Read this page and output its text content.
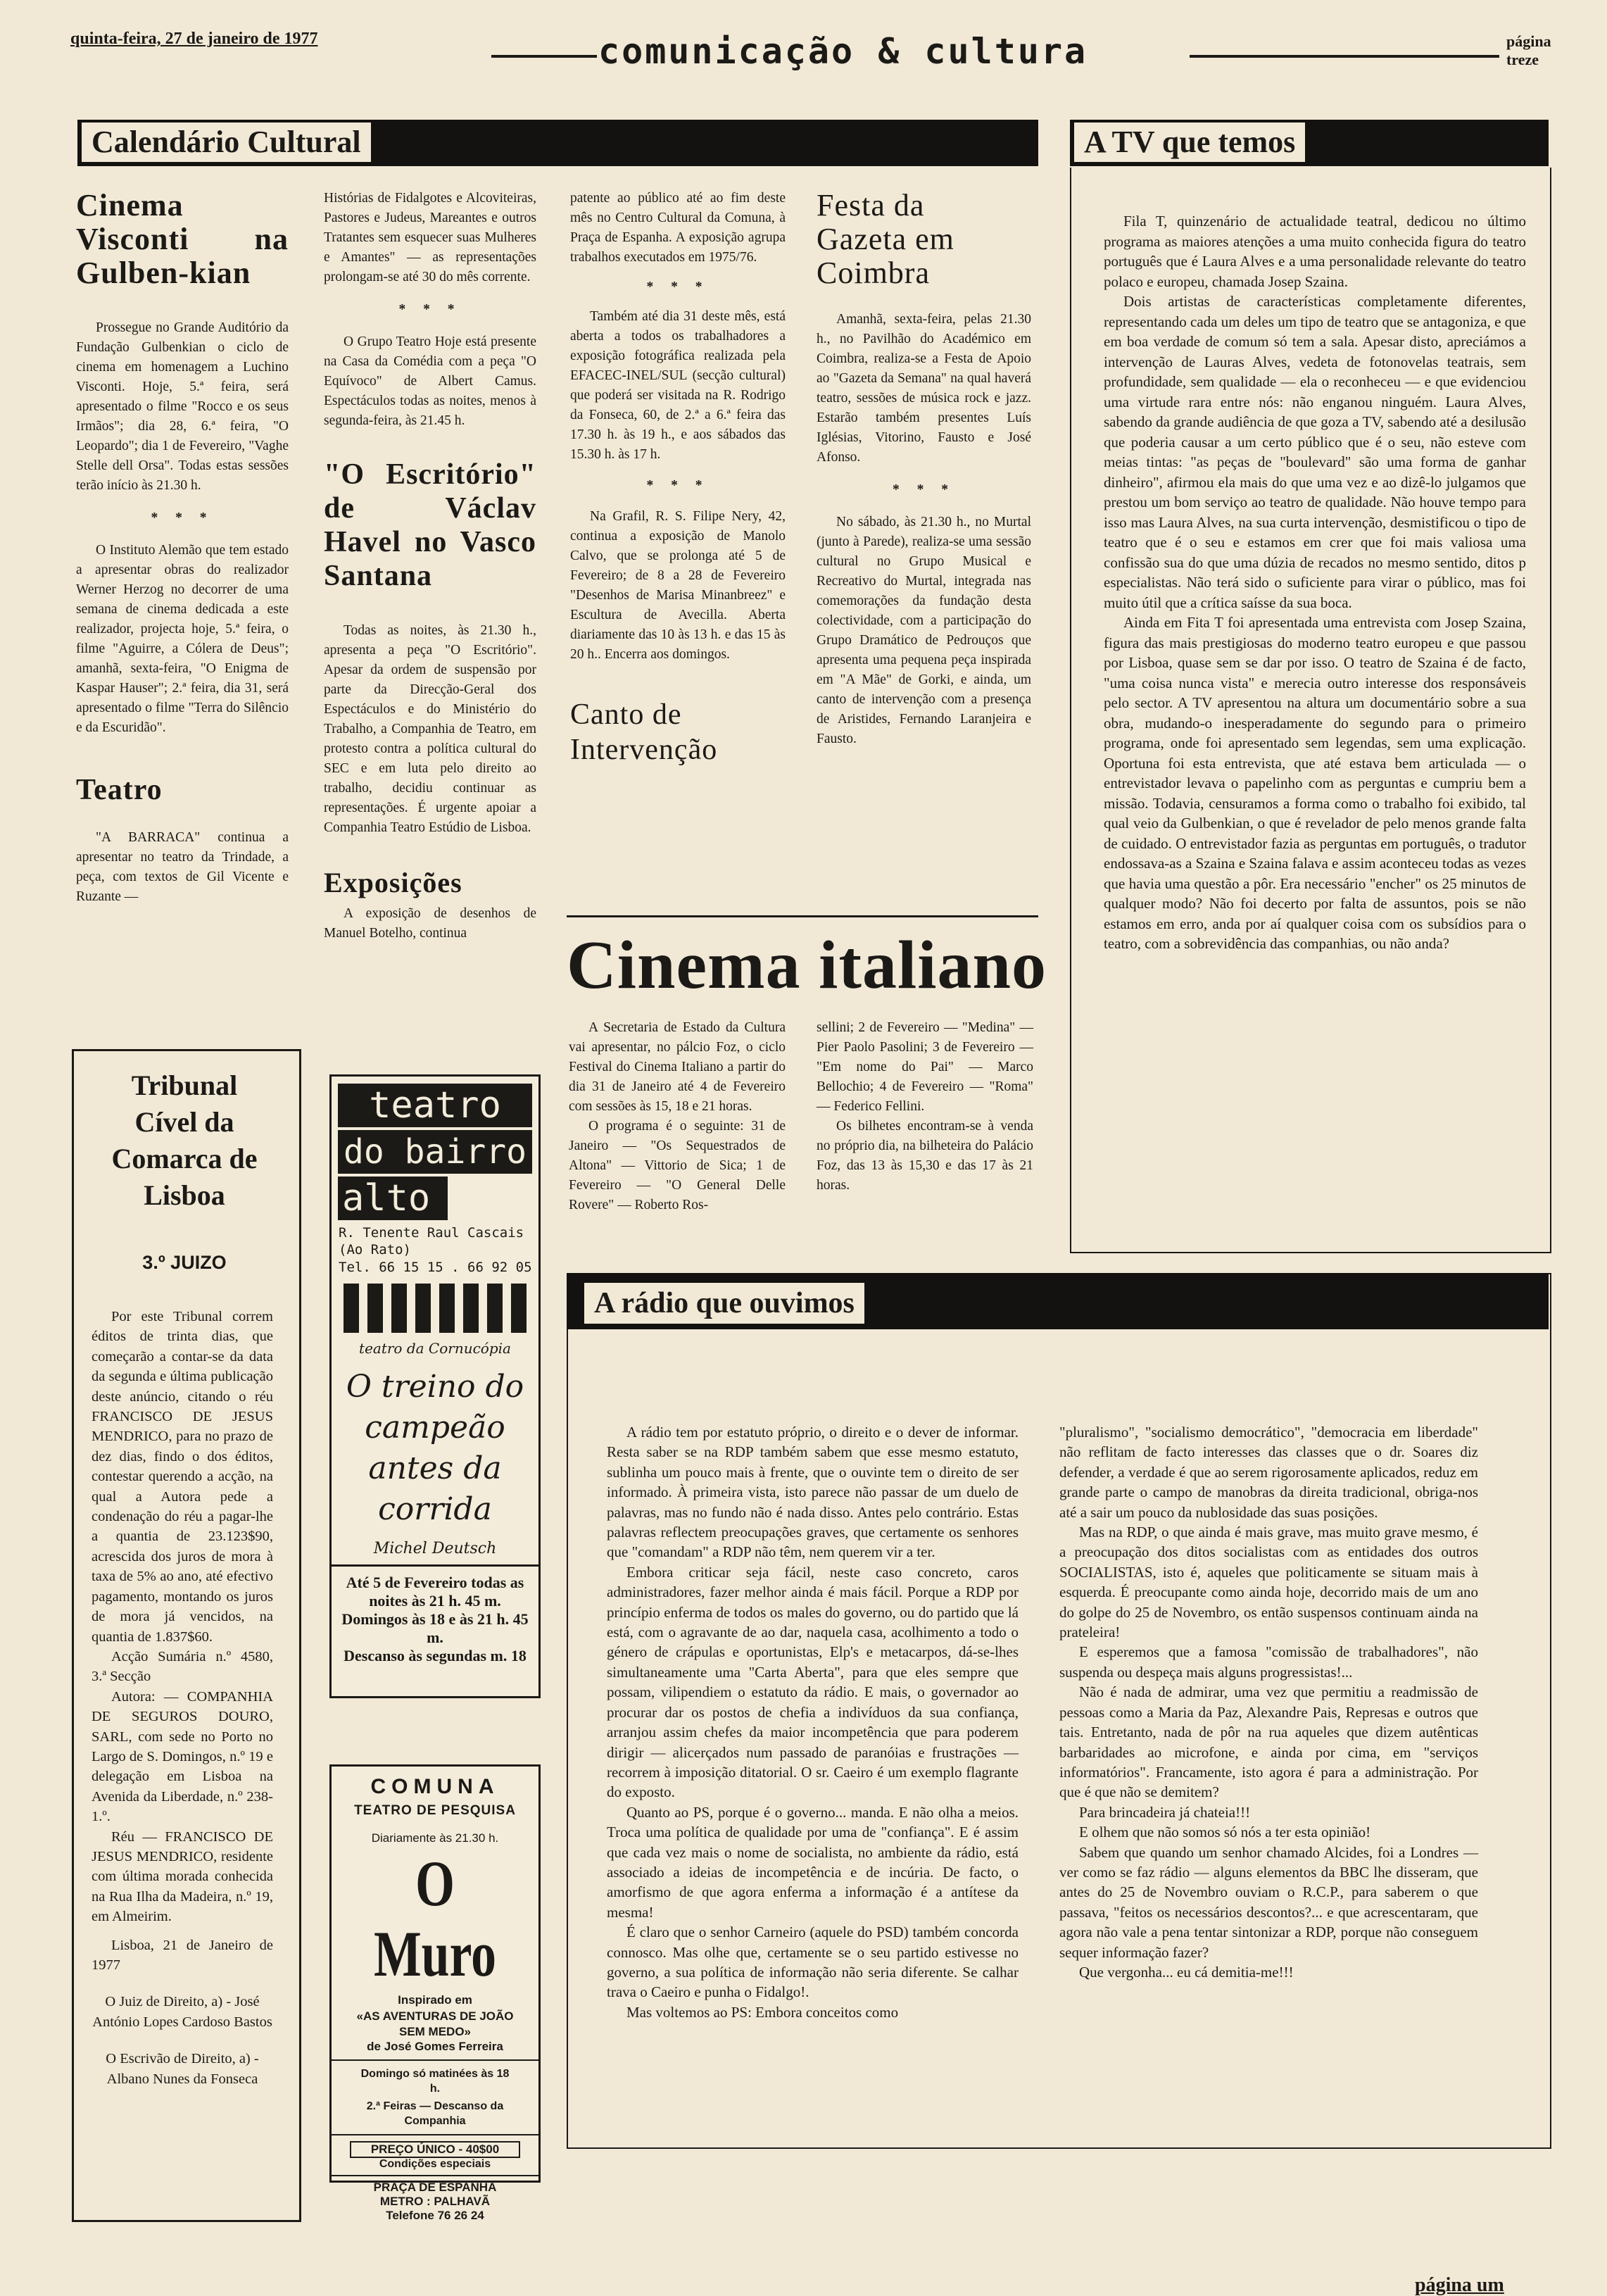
quinta-feira, 27 de janeiro de 1977	comunicação & cultura	página treze
Calendário Cultural	A TV que temos
Cinema Visconti na Gulben-kian

Prossegue no Grande Auditório da Fundação Gulbenkian o ciclo de cinema em homenagem a Luchino Visconti. Hoje, 5.ª feira, será apresentado o filme "Rocco e os seus Irmãos"; dia 28, 6.ª feira, "O Leopardo"; dia 1 de Fevereiro, "Vaghe Stelle dell Orsa". Todas estas sessões terão início às 21.30 h.

* * *

O Instituto Alemão que tem estado a apresentar obras do realizador Werner Herzog no decorrer de uma semana de cinema dedicada a este realizador, projecta hoje, 5.ª feira, o filme "Aguirre, a Cólera de Deus"; amanhã, sexta-feira, "O Enigma de Kaspar Hauser"; 2.ª feira, dia 31, será apresentado o filme "Terra do Silêncio e da Escuridão".

Teatro

"A BARRACA" continua a apresentar no teatro da Trindade, a peça, com textos de Gil Vicente e Ruzante —

Histórias de Fidalgotes e Alcoviteiras, Pastores e Judeus, Mareantes e outros Tratantes sem esquecer suas Mulheres e Amantes" — as representações prolongam-se até 30 do mês corrente.

* * *

O Grupo Teatro Hoje está presente na Casa da Comédia com a peça "O Equívoco" de Albert Camus. Espectáculos todas as noites, menos à segunda-feira, às 21.45 h.

"O Escritório" de Václav Havel no Vasco Santana

Todas as noites, às 21.30 h., apresenta a peça "O Escritório". Apesar da ordem de suspensão por parte da Direcção-Geral dos Espectáculos e do Ministério do Trabalho, a Companhia de Teatro, em protesto contra a política cultural do SEC e em luta pelo direito ao trabalho, decidiu continuar as representações. É urgente apoiar a Companhia Teatro Estúdio de Lisboa.

Exposições

A exposição de desenhos de Manuel Botelho, continua

patente ao público até ao fim deste mês no Centro Cultural da Comuna, à Praça de Espanha. A exposição agrupa trabalhos executados em 1975/76.

* * *

Também até dia 31 deste mês, está aberta a todos os trabalhadores a exposição fotográfica realizada pela EFACEC-INEL/SUL (secção cultural) que poderá ser visitada na R. Rodrigo da Fonseca, 60, de 2.ª a 6.ª feira das 17.30 h. às 19 h., e aos sábados das 15.30 h. às 17 h.

* * *

Na Grafil, R. S. Filipe Nery, 42, continua a exposição de Manolo Calvo, que se prolonga até 5 de Fevereiro; de 8 a 28 de Fevereiro "Desenhos de Marisa Minanbreez" e Escultura de Avecilla. Aberta diariamente das 10 às 13 h. e das 15 às 20 h.. Encerra aos domingos.

Canto de Intervenção
Festa da Gazeta em Coimbra

Amanhã, sexta-feira, pelas 21.30 h., no Pavilhão do Académico em Coimbra, realiza-se a Festa de Apoio ao "Gazeta da Semana" na qual haverá teatro, sessões de música rock e jazz. Estarão também presentes Luís Iglésias, Vitorino, Fausto e José Afonso.

* * *

No sábado, às 21.30 h., no Murtal (junto à Parede), realiza-se uma sessão cultural no Grupo Musical e Recreativo do Murtal, integrada nas comemorações da fundação desta colectividade, com a participação do Grupo Dramático de Pedrouços que apresenta uma pequena peça inspirada em "A Mãe" de Gorki, e ainda, um canto de intervenção com a presença de Aristides, Fernando Laranjeira e Fausto.

Fila T, quinzenário de actualidade teatral, dedicou no último programa as maiores atenções a uma muito conhecida figura do teatro português que é Laura Alves e a uma personalidade relevante do teatro polaco e europeu, chamada Josep Szaina.

Dois artistas de características completamente diferentes, representando cada um deles um tipo de teatro que se antagoniza, e que em boa verdade de comum só tem a sala. Apesar disto, apreciámos a intervenção de Lauras Alves, vedeta de fotonovelas teatrais, sem profundidade, sem qualidade — ela o reconheceu — e que evidenciou uma virtude rara entre nós: não enganou ninguém. Laura Alves, sabendo da grande audiência de que goza a TV, sabendo até a desilusão que poderia causar a um certo público que é o seu, não esteve com meias tintas: "as peças de "boulevard" são uma forma de ganhar dinheiro", afirmou ela mais do que uma vez e ao dizê-lo julgamos que prestou um bom serviço ao teatro de qualidade. Não houve tempo para isso mas Laura Alves, na sua curta intervenção, desmistificou o tipo de teatro que é o seu e estamos em crer que foi mais valiosa uma confissão sua do que uma dúzia de recados no mesmo sentido, ditos p especialistas. Não terá sido o suficiente para virar o público, mas foi muito útil que a crítica saísse da sua boca.

Ainda em Fita T foi apresentada uma entrevista com Josep Szaina, figura das mais prestigiosas do moderno teatro europeu e que passou por Lisboa, quase sem se dar por isso. O teatro de Szaina é de facto, "uma coisa nunca vista" e merecia outro interesse dos responsáveis pelo sector. A TV apresentou na altura um documentário sobre a sua obra, mudando-o inesperadamente do segundo para o primeiro programa, onde foi apresentado sem legendas, sem uma explicação. Oportuna foi esta entrevista, que até estava bem articulada — o entrevistador levava o papelinho com as perguntas e cumpriu bem a missão. Todavia, censuramos a forma como o trabalho foi exibido, tal qual veio da Gulbenkian, o que é revelador de pelo menos grande falta de cuidado. O entrevistador fazia as perguntas em português, o tradutor endossava-as a Szaina e Szaina falava e assim aconteceu todas as vezes que havia uma questão a pôr. Era necessário "encher" os 25 minutos de qualquer modo? Não foi decerto por falta de assuntos, pois se não estamos em erro, anda por aí qualquer coisa com os subsídios para o teatro, com a sobrevidência das companhias, ou não anda?

Cinema italiano

A Secretaria de Estado da Cultura vai apresentar, no pálcio Foz, o ciclo Festival do Cinema Italiano a partir do dia 31 de Janeiro até 4 de Fevereiro com sessões às 15, 18 e 21 horas.

O programa é o seguinte: 31 de Janeiro — "Os Sequestrados de Altona" — Vittorio de Sica; 1 de Fevereiro — "O General Delle Rovere" — Roberto Ros-

sellini; 2 de Fevereiro — "Medina" — Pier Paolo Pasolini; 3 de Fevereiro — "Em nome do Pai" — Marco Bellochio; 4 de Fevereiro — "Roma" — Federico Fellini.

Os bilhetes encontram-se à venda no próprio dia, na bilheteira do Palácio Foz, das 13 às 15,30 e das 17 às 21 horas.

Tribunal Cível da Comarca de Lisboa
3.º JUIZO

Por este Tribunal correm éditos de trinta dias, que começarão a contar-se da data da segunda e última publicação deste anúncio, citando o réu FRANCISCO DE JESUS MENDRICO, para no prazo de dez dias, findo o dos éditos, contestar querendo a acção, na qual a Autora pede a condenação do réu a pagar-lhe a quantia de 23.123$90, acrescida dos juros de mora à taxa de 5% ao ano, até efectivo pagamento, montando os juros de mora já vencidos, na quantia de 1.837$60.

Acção Sumária n.º 4580, 3.ª Secção

Autora: — COMPANHIA DE SEGUROS DOURO, SARL, com sede no Porto no Largo de S. Domingos, n.º 19 e delegação em Lisboa na Avenida da Liberdade, n.º 238-1.º.

Réu — FRANCISCO DE JESUS MENDRICO, residente com última morada conhecida na Rua Ilha da Madeira, n.º 19, em Almeirim.

Lisboa, 21 de Janeiro de 1977

O Juiz de Direito, a) - José António Lopes Cardoso Bastos

O Escrivão de Direito, a) - Albano Nunes da Fonseca

teatro
do bairro
alto
R. Tenente Raul Cascais (Ao Rato)
Tel. 66 15 15 . 66 92 05
teatro da Cornucópia
O treino do campeão antes da corrida
Michel Deutsch
Até 5 de Fevereiro todas as noites às 21 h. 45 m.
Domingos às 18 e às 21 h. 45 m.
Descanso às segundas m. 18
COMUNA
TEATRO DE PESQUISA
Diariamente às 21.30 h.
O Muro
Inspirado em
«AS AVENTURAS DE JOÃO SEM MEDO»
de José Gomes Ferreira
Domingo só matinées às 18 h.
2.ª Feiras — Descanso da Companhia
PREÇO ÚNICO - 40$00
Condições especiais
PRAÇA DE ESPANHA
METRO : PALHAVÃ
Telefone 76 26 24
A rádio que ouvimos

A rádio tem por estatuto próprio, o direito e o dever de informar. Resta saber se na RDP também sabem que esse mesmo estatuto, sublinha um pouco mais à frente, que o ouvinte tem o direito de ser informado. À primeira vista, isto parece não passar de um duelo de palavras, mas no fundo não é nada disso. Antes pelo contrário. Estas palavras reflectem preocupações graves, que certamente os senhores que "comandam" a RDP não têm, nem querem vir a ter.

Embora criticar seja fácil, neste caso concreto, caros administradores, fazer melhor ainda é mais fácil. Porque a RDP por princípio enferma de todos os males do governo, ou do partido que lá está, com o agravante de ao dar, naquela casa, acolhimento a todo o género de crápulas e oportunistas, Elp's e metacarpos, dá-se-lhes simultaneamente uma "Carta Aberta", para que eles sempre que possam, vilipendiem o estatuto da rádio. E mais, o governador ao procurar dar os postos de chefia a indivíduos da sua confiança, arranjou assim chefes da maior incompetência que para poderem dirigir — alicerçados num passado de paranóias e frustrações — recorrem à imposição ditatorial. O sr. Caeiro é um exemplo flagrante do exposto.

Quanto ao PS, porque é o governo... manda. E não olha a meios. Troca uma política de qualidade por uma de "confiança". E é assim que cada vez mais o nome de socialista, no ambiente da rádio, está associado a ideias de incompetência e de incúria. De facto, o amorfismo de que agora enferma a informação é a antítese da mesma!

É claro que o senhor Carneiro (aquele do PSD) também concorda connosco. Mas olhe que, certamente se o seu partido estivesse no governo, a sua política de informação não seria diferente. Se calhar trava o Caeiro e punha o Fidalgo!.

Mas voltemos ao PS: Embora conceitos como

"pluralismo", "socialismo democrático", "democracia em liberdade" não reflitam de facto interesses das classes que o dr. Soares diz defender, a verdade é que ao serem rigorosamente aplicados, reduz em grande parte o campo de manobras da direita tradicional, obriga-nos até a sair um pouco da nublosidade das suas posições.

Mas na RDP, o que ainda é mais grave, mas muito grave mesmo, é a preocupação dos ditos socialistas com as entidades dos outros SOCIALISTAS, isto é, aqueles que politicamente se situam mais à esquerda. É preocupante como ainda hoje, decorrido mais de um ano do golpe do 25 de Novembro, os então suspensos continuam ainda na prateleira!

E esperemos que a famosa "comissão de trabalhadores", não suspenda ou despeça mais alguns progressistas!...

Não é nada de admirar, uma vez que permitiu a readmissão de pessoas como a Maria da Paz, Alexandre Pais, Represas e outros que tais. Entretanto, nada de pôr na rua aqueles que dizem autênticas barbaridades ao microfone, e ainda por cima, em "serviços informatórios". Francamente, isto agora é para a administração. Por que é que não se demitem?

Para brincadeira já chateia!!!

E olhem que não somos só nós a ter esta opinião!

Sabem que quando um senhor chamado Alcides, foi a Londres — ver como se faz rádio — alguns elementos da BBC lhe disseram, que antes do 25 de Novembro ouviam o R.C.P., para saberem o que passava, "feitos os necessários descontos?... e que acrescentaram, que agora não vale a pena tentar sintonizar a RDP, porque não conseguem sequer informação fazer?

Que vergonha... eu cá demitia-me!!!

página um
